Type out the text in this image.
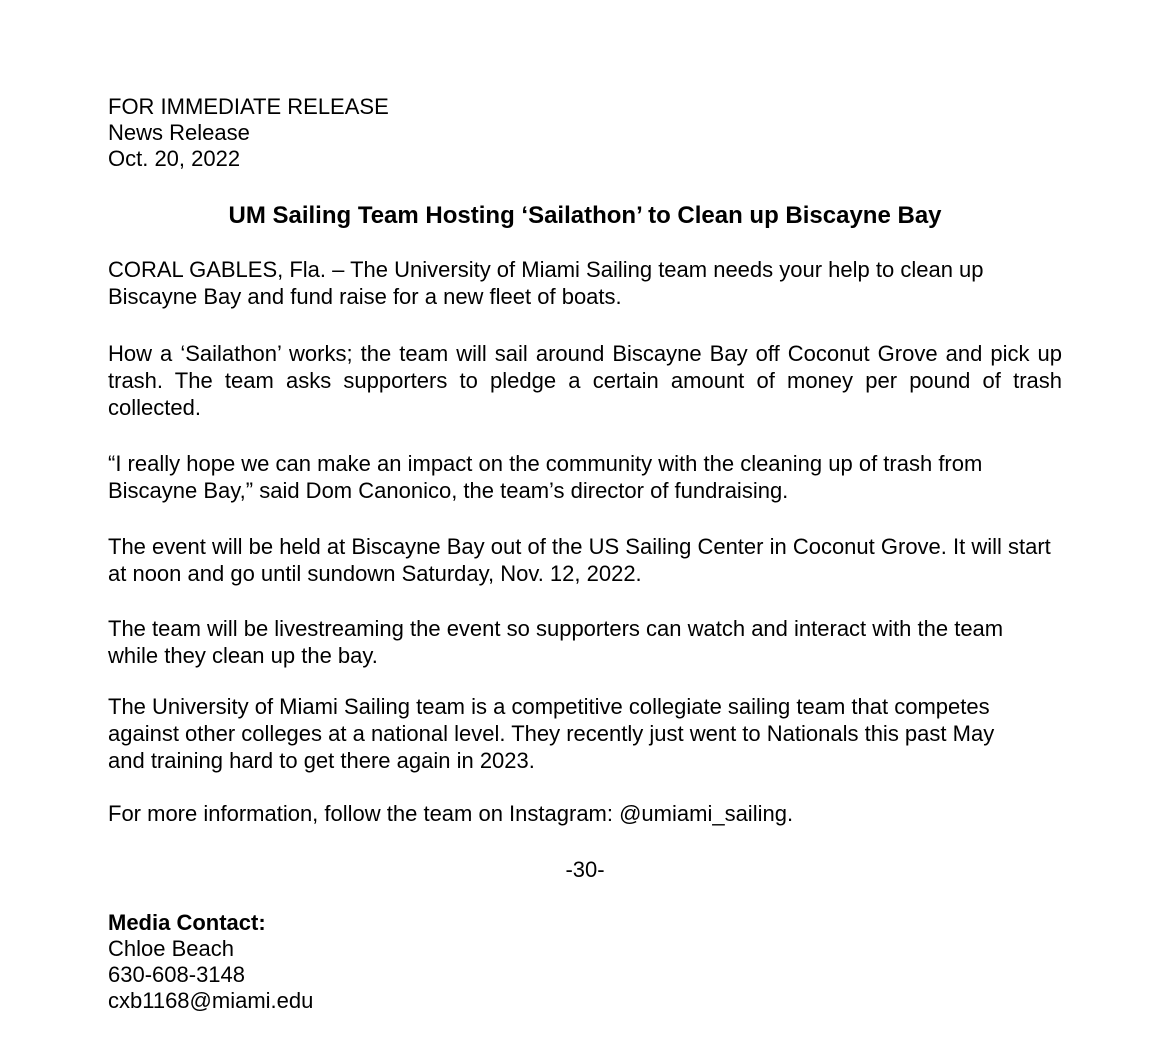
FOR IMMEDIATE RELEASE

News Release

Oct. 20, 2022

UM Sailing Team Hosting ‘Sailathon’ to Clean up Biscayne Bay

CORAL GABLES, Fla. – The University of Miami Sailing team needs your help to clean up Biscayne Bay and fund raise for a new fleet of boats.

How a ‘Sailathon’ works; the team will sail around Biscayne Bay off Coconut Grove and pick up trash. The team asks supporters to pledge a certain amount of money per pound of trash collected.

“I really hope we can make an impact on the community with the cleaning up of trash from Biscayne Bay,” said Dom Canonico, the team’s director of fundraising.

The event will be held at Biscayne Bay out of the US Sailing Center in Coconut Grove. It will start at noon and go until sundown Saturday, Nov. 12, 2022.

The team will be livestreaming the event so supporters can watch and interact with the team while they clean up the bay.

The University of Miami Sailing team is a competitive collegiate sailing team that competes against other colleges at a national level. They recently just went to Nationals this past May and training hard to get there again in 2023.

For more information, follow the team on Instagram: @umiami_sailing.

-30-

Media Contact:
Chloe Beach
630-608-3148
cxb1168@miami.edu
